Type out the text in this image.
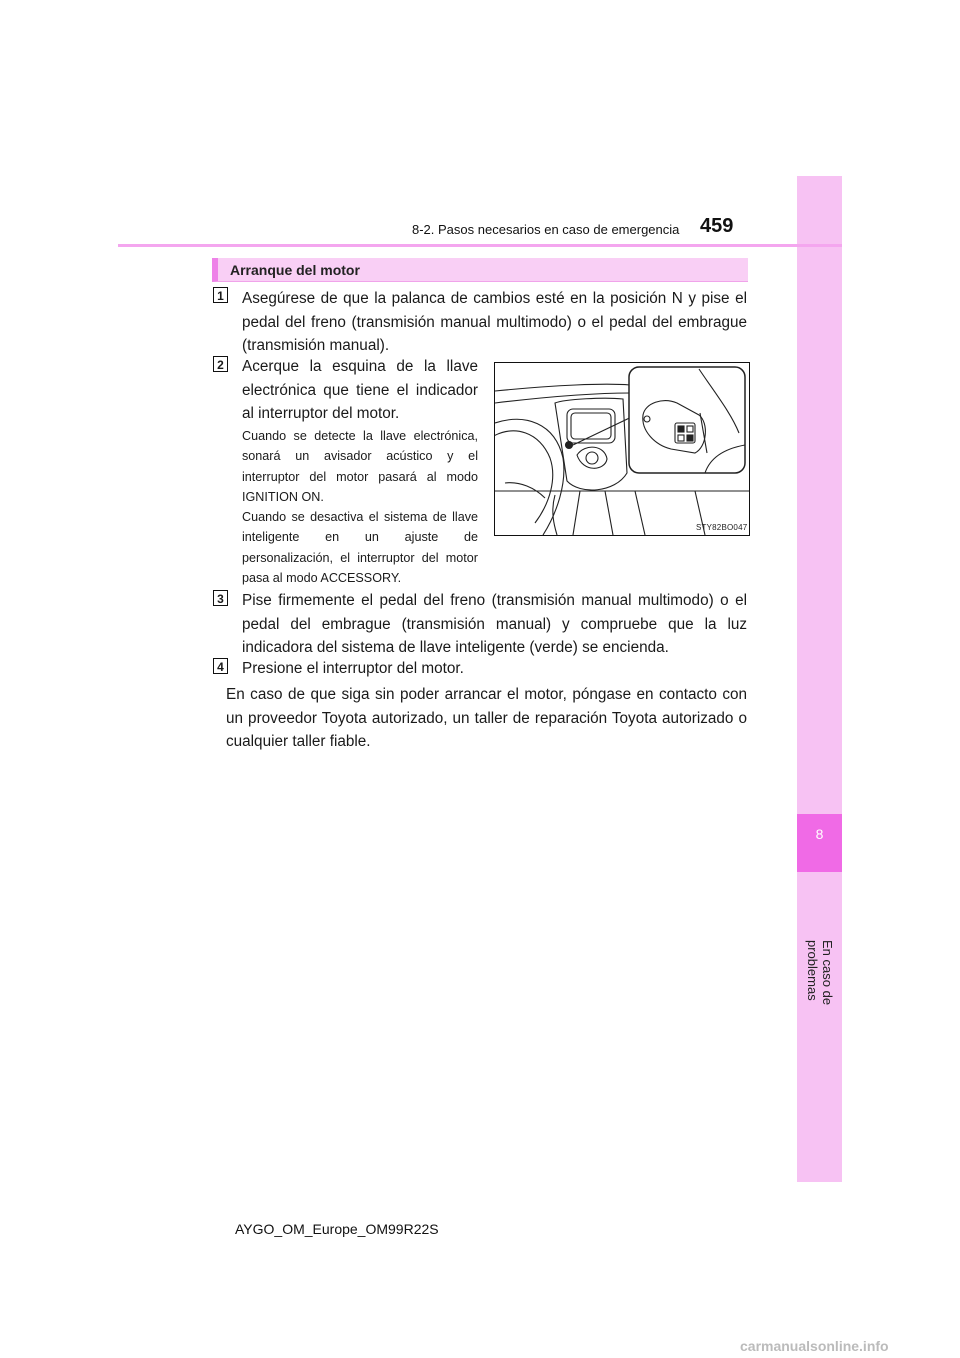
8
En caso de problemas
8-2. Pasos necesarios en caso de emergencia 459
Arranque del motor
1 Asegúrese de que la palanca de cambios esté en la posición N y pise el pedal del freno (transmisión manual multimodo) o el pedal del embrague (transmisión manual).
2 Acerque la esquina de la llave electrónica que tiene el indicador al interruptor del motor.
Cuando se detecte la llave electrónica, sonará un avisador acústico y el interruptor del motor pasará al modo IGNITION ON.
Cuando se desactiva el sistema de llave inteligente en un ajuste de personalización, el interruptor del motor pasa al modo ACCESSORY.
STY82BO047
3 Pise firmemente el pedal del freno (transmisión manual multimodo) o el pedal del embrague (transmisión manual) y compruebe que la luz indicadora del sistema de llave inteligente (verde) se encienda.
4 Presione el interruptor del motor.
En caso de que siga sin poder arrancar el motor, póngase en contacto con un proveedor Toyota autorizado, un taller de reparación Toyota autorizado o cualquier taller fiable.
AYGO_OM_Europe_OM99R22S
carmanualsonline.info
